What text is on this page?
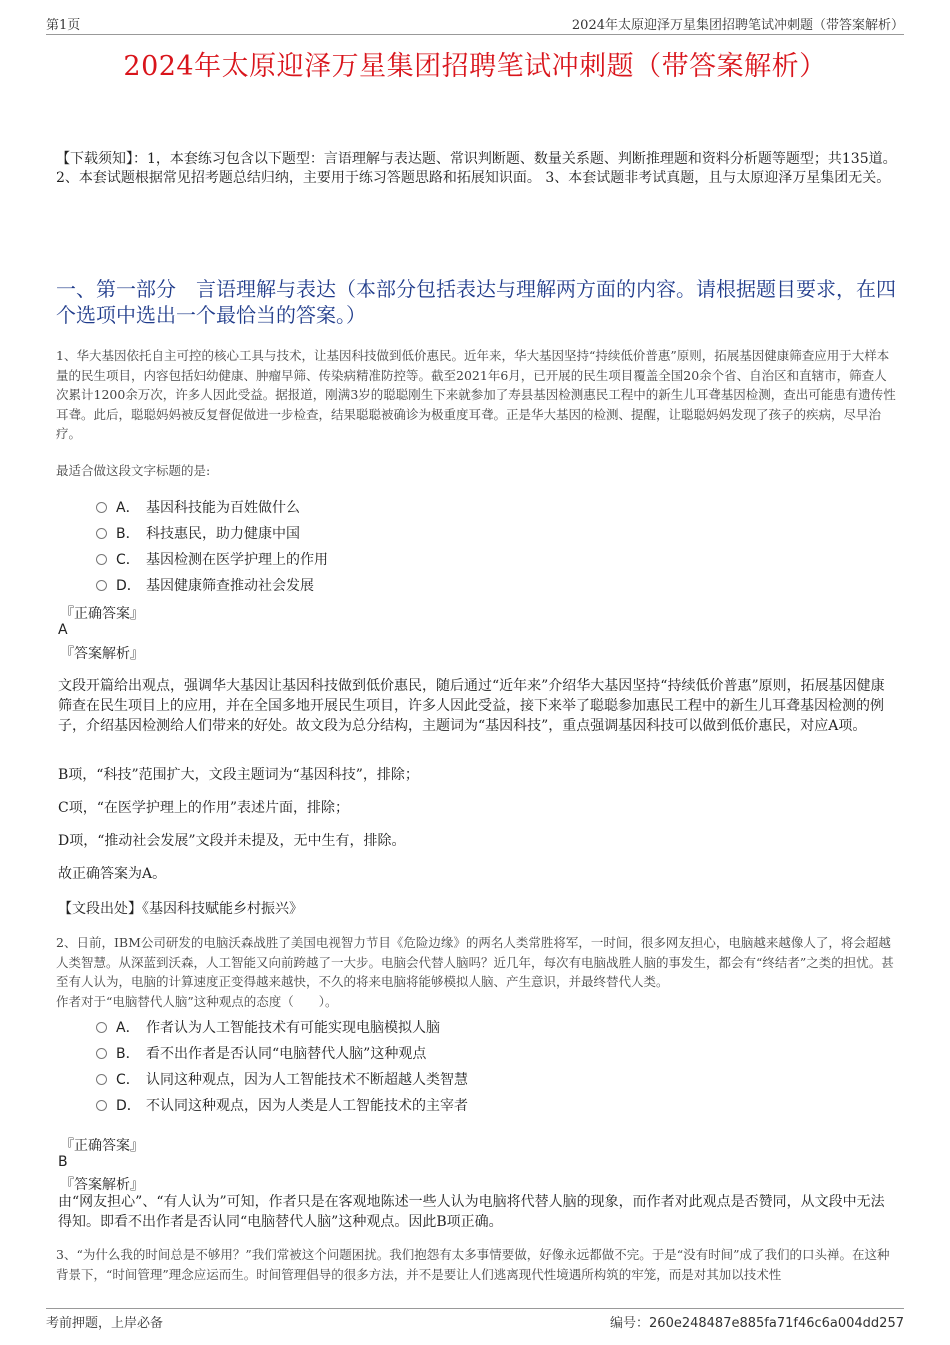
第1页	2024年太原迎泽万星集团招聘笔试冲刺题（带答案解析）
2024年太原迎泽万星集团招聘笔试冲刺题（带答案解析）
【下载须知】：1，本套练习包含以下题型：言语理解与表达题、常识判断题、数量关系题、判断推理题和资料分析题等题型；共135道。 2、本套试题根据常见招考题总结归纳，主要用于练习答题思路和拓展知识面。 3、本套试题非考试真题，且与太原迎泽万星集团无关。
一、第一部分　言语理解与表达（本部分包括表达与理解两方面的内容。请根据题目要求，在四个选项中选出一个最恰当的答案。）
1、华大基因依托自主可控的核心工具与技术，让基因科技做到低价惠民。近年来，华大基因坚持“持续低价普惠”原则，拓展基因健康筛查应用于大样本量的民生项目，内容包括妇幼健康、肿瘤早筛、传染病精准防控等。截至2021年6月，已开展的民生项目覆盖全国20余个省、自治区和直辖市，筛查人次累计1200余万次，许多人因此受益。据报道，刚满3岁的聪聪刚生下来就参加了寿县基因检测惠民工程中的新生儿耳聋基因检测，查出可能患有遗传性耳聋。此后，聪聪妈妈被反复督促做进一步检查，结果聪聪被确诊为极重度耳聋。正是华大基因的检测、提醒，让聪聪妈妈发现了孩子的疾病，尽早治疗。
最适合做这段文字标题的是:
A． 基因科技能为百姓做什么
B． 科技惠民，助力健康中国
C． 基因检测在医学护理上的作用
D． 基因健康筛查推动社会发展
『正确答案』
A
『答案解析』
文段开篇给出观点，强调华大基因让基因科技做到低价惠民，随后通过“近年来”介绍华大基因坚持“持续低价普惠”原则，拓展基因健康筛查在民生项目上的应用，并在全国多地开展民生项目，许多人因此受益，接下来举了聪聪参加惠民工程中的新生儿耳聋基因检测的例子，介绍基因检测给人们带来的好处。故文段为总分结构，主题词为“基因科技”，重点强调基因科技可以做到低价惠民，对应A项。
B项，“科技”范围扩大，文段主题词为“基因科技”，排除；
C项，“在医学护理上的作用”表述片面，排除；
D项，“推动社会发展”文段并未提及，无中生有，排除。
故正确答案为A。
【文段出处】《基因科技赋能乡村振兴》
2、日前，IBM公司研发的电脑沃森战胜了美国电视智力节目《危险边缘》的两名人类常胜将军，一时间，很多网友担心，电脑越来越像人了，将会超越人类智慧。从深蓝到沃森，人工智能又向前跨越了一大步。电脑会代替人脑吗？近几年，每次有电脑战胜人脑的事发生，都会有“终结者”之类的担忧。甚至有人认为，电脑的计算速度正变得越来越快，不久的将来电脑将能够模拟人脑、产生意识，并最终替代人类。
作者对于“电脑替代人脑”这种观点的态度（　　）。
A． 作者认为人工智能技术有可能实现电脑模拟人脑
B． 看不出作者是否认同“电脑替代人脑”这种观点
C． 认同这种观点，因为人工智能技术不断超越人类智慧
D． 不认同这种观点，因为人类是人工智能技术的主宰者
『正确答案』
B
『答案解析』
由“网友担心”、“有人认为”可知，作者只是在客观地陈述一些人认为电脑将代替人脑的现象，而作者对此观点是否赞同，从文段中无法得知。即看不出作者是否认同“电脑替代人脑”这种观点。因此B项正确。
3、“为什么我的时间总是不够用？”我们常被这个问题困扰。我们抱怨有太多事情要做，好像永远都做不完。于是“没有时间”成了我们的口头禅。在这种背景下，“时间管理”理念应运而生。时间管理倡导的很多方法，并不是要让人们逃离现代性境遇所构筑的牢笼，而是对其加以技术性
考前押题，上岸必备	编号：260e248487e885fa71f46c6a004dd257
